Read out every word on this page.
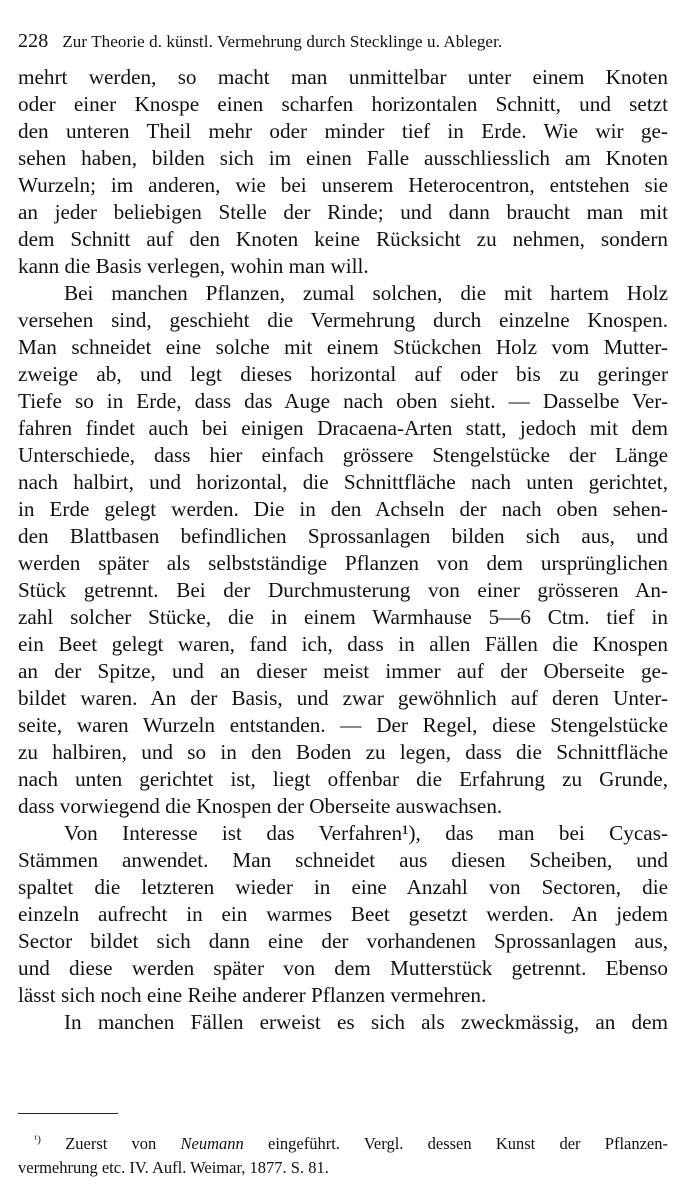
228 Zur Theorie d. künstl. Vermehrung durch Stecklinge u. Ableger.
mehrt werden, so macht man unmittelbar unter einem Knoten
oder einer Knospe einen scharfen horizontalen Schnitt, und setzt
den unteren Theil mehr oder minder tief in Erde. Wie wir ge-
sehen haben, bilden sich im einen Falle ausschliesslich am Knoten
Wurzeln; im anderen, wie bei unserem Heterocentron, entstehen sie
an jeder beliebigen Stelle der Rinde; und dann braucht man mit
dem Schnitt auf den Knoten keine Rücksicht zu nehmen, sondern
kann die Basis verlegen, wohin man will.
Bei manchen Pflanzen, zumal solchen, die mit hartem Holz
versehen sind, geschieht die Vermehrung durch einzelne Knospen.
Man schneidet eine solche mit einem Stückchen Holz vom Mutter-
zweige ab, und legt dieses horizontal auf oder bis zu geringer
Tiefe so in Erde, dass das Auge nach oben sieht. — Dasselbe Ver-
fahren findet auch bei einigen Dracaena-Arten statt, jedoch mit dem
Unterschiede, dass hier einfach grössere Stengelstücke der Länge
nach halbirt, und horizontal, die Schnittfläche nach unten gerichtet,
in Erde gelegt werden. Die in den Achseln der nach oben sehen-
den Blattbasen befindlichen Sprossanlagen bilden sich aus, und
werden später als selbstständige Pflanzen von dem ursprünglichen
Stück getrennt. Bei der Durchmusterung von einer grösseren An-
zahl solcher Stücke, die in einem Warmhause 5—6 Ctm. tief in
ein Beet gelegt waren, fand ich, dass in allen Fällen die Knospen
an der Spitze, und an dieser meist immer auf der Oberseite ge-
bildet waren. An der Basis, und zwar gewöhnlich auf deren Unter-
seite, waren Wurzeln entstanden. — Der Regel, diese Stengelstücke
zu halbiren, und so in den Boden zu legen, dass die Schnittfläche
nach unten gerichtet ist, liegt offenbar die Erfahrung zu Grunde,
dass vorwiegend die Knospen der Oberseite auswachsen.
Von Interesse ist das Verfahren¹), das man bei Cycas-
Stämmen anwendet. Man schneidet aus diesen Scheiben, und
spaltet die letzteren wieder in eine Anzahl von Sectoren, die
einzeln aufrecht in ein warmes Beet gesetzt werden. An jedem
Sector bildet sich dann eine der vorhandenen Sprossanlagen aus,
und diese werden später von dem Mutterstück getrennt. Ebenso
lässt sich noch eine Reihe anderer Pflanzen vermehren.
In manchen Fällen erweist es sich als zweckmässig, an dem
$^{^1)}$ Zuerst von Neumann eingeführt. Vergl. dessen Kunst der Pflanzen-
vermehrung etc. IV. Aufl. Weimar, 1877. S. 81.
